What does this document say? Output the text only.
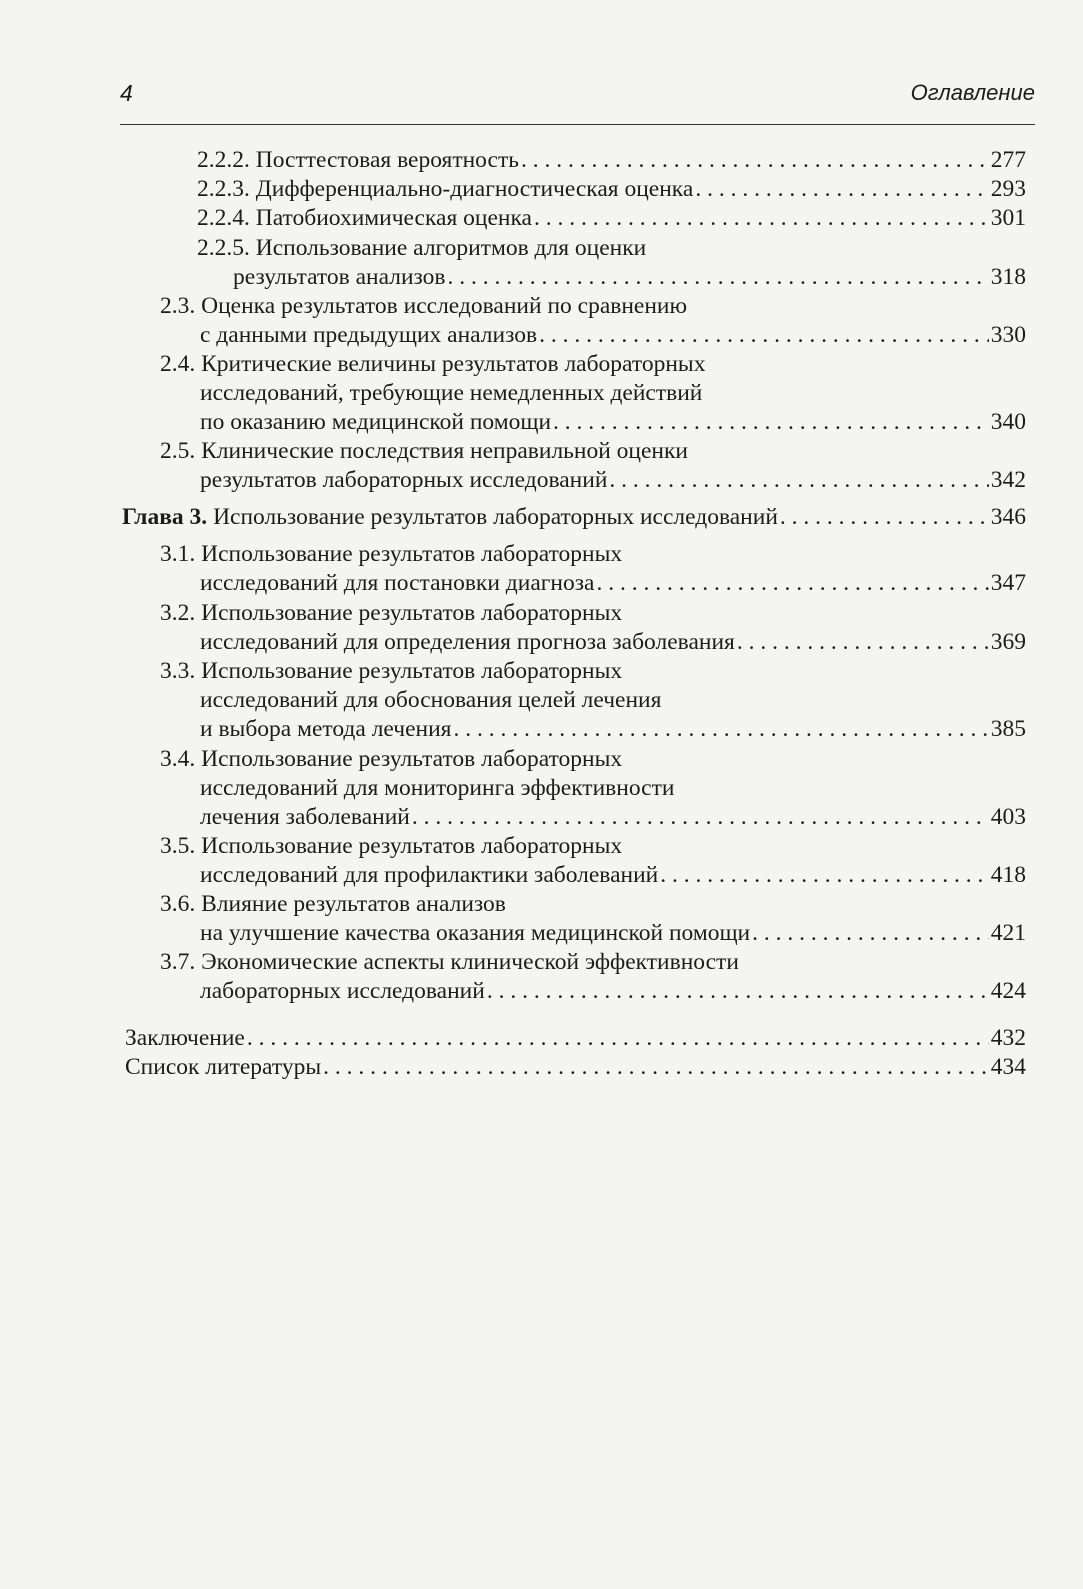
4	Оглавление
2.2.2. Посттестовая вероятность . . .	277
2.2.3. Дифференциально-диагностическая оценка . . .	293
2.2.4. Патобиохимическая оценка . . .	301
2.2.5. Использование алгоритмов для оценки
результатов анализов . . .	318
2.3. Оценка результатов исследований по сравнению
с данными предыдущих анализов . . .	330
2.4. Критические величины результатов лабораторных
исследований, требующие немедленных действий
по оказанию медицинской помощи . . .	340
2.5. Клинические последствия неправильной оценки
результатов лабораторных исследований . . .	342
Глава 3.
Использование результатов лабораторных исследований . . .	346
3.1. Использование результатов лабораторных
исследований для постановки диагноза . . .	347
3.2. Использование результатов лабораторных
исследований для определения прогноза заболевания . . .	369
3.3. Использование результатов лабораторных
исследований для обоснования целей лечения
и выбора метода лечения . . .	385
3.4. Использование результатов лабораторных
исследований для мониторинга эффективности
лечения заболеваний . . .	403
3.5. Использование результатов лабораторных
исследований для профилактики заболеваний . . .	418
3.6. Влияние результатов анализов
на улучшение качества оказания медицинской помощи . . .	421
3.7. Экономические аспекты клинической эффективности
лабораторных исследований . . .	424
Заключение . . .	432
Список литературы . . .	434
